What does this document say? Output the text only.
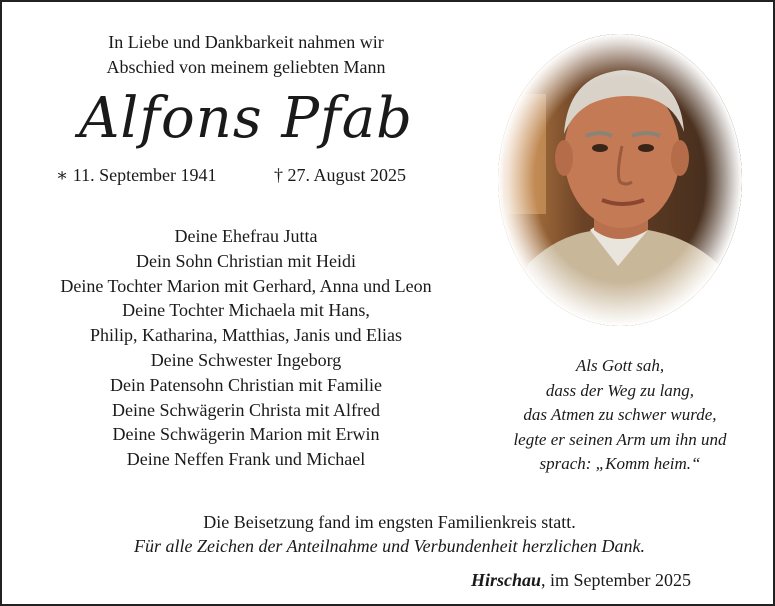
In Liebe und Dankbarkeit nahmen wir
Abschied von meinem geliebten Mann
Alfons Pfab
∗ 11. September 1941	† 27. August 2025
Deine Ehefrau Jutta
Dein Sohn Christian mit Heidi
Deine Tochter Marion mit Gerhard, Anna und Leon
Deine Tochter Michaela mit Hans,
Philip, Katharina, Matthias, Janis und Elias
Deine Schwester Ingeborg
Dein Patensohn Christian mit Familie
Deine Schwägerin Christa mit Alfred
Deine Schwägerin Marion mit Erwin
Deine Neffen Frank und Michael
Als Gott sah,
dass der Weg zu lang,
das Atmen zu schwer wurde,
legte er seinen Arm um ihn und
sprach: „Komm heim.“
Die Beisetzung fand im engsten Familienkreis statt.
Für alle Zeichen der Anteilnahme und Verbundenheit herzlichen Dank.
Hirschau, im September 2025
